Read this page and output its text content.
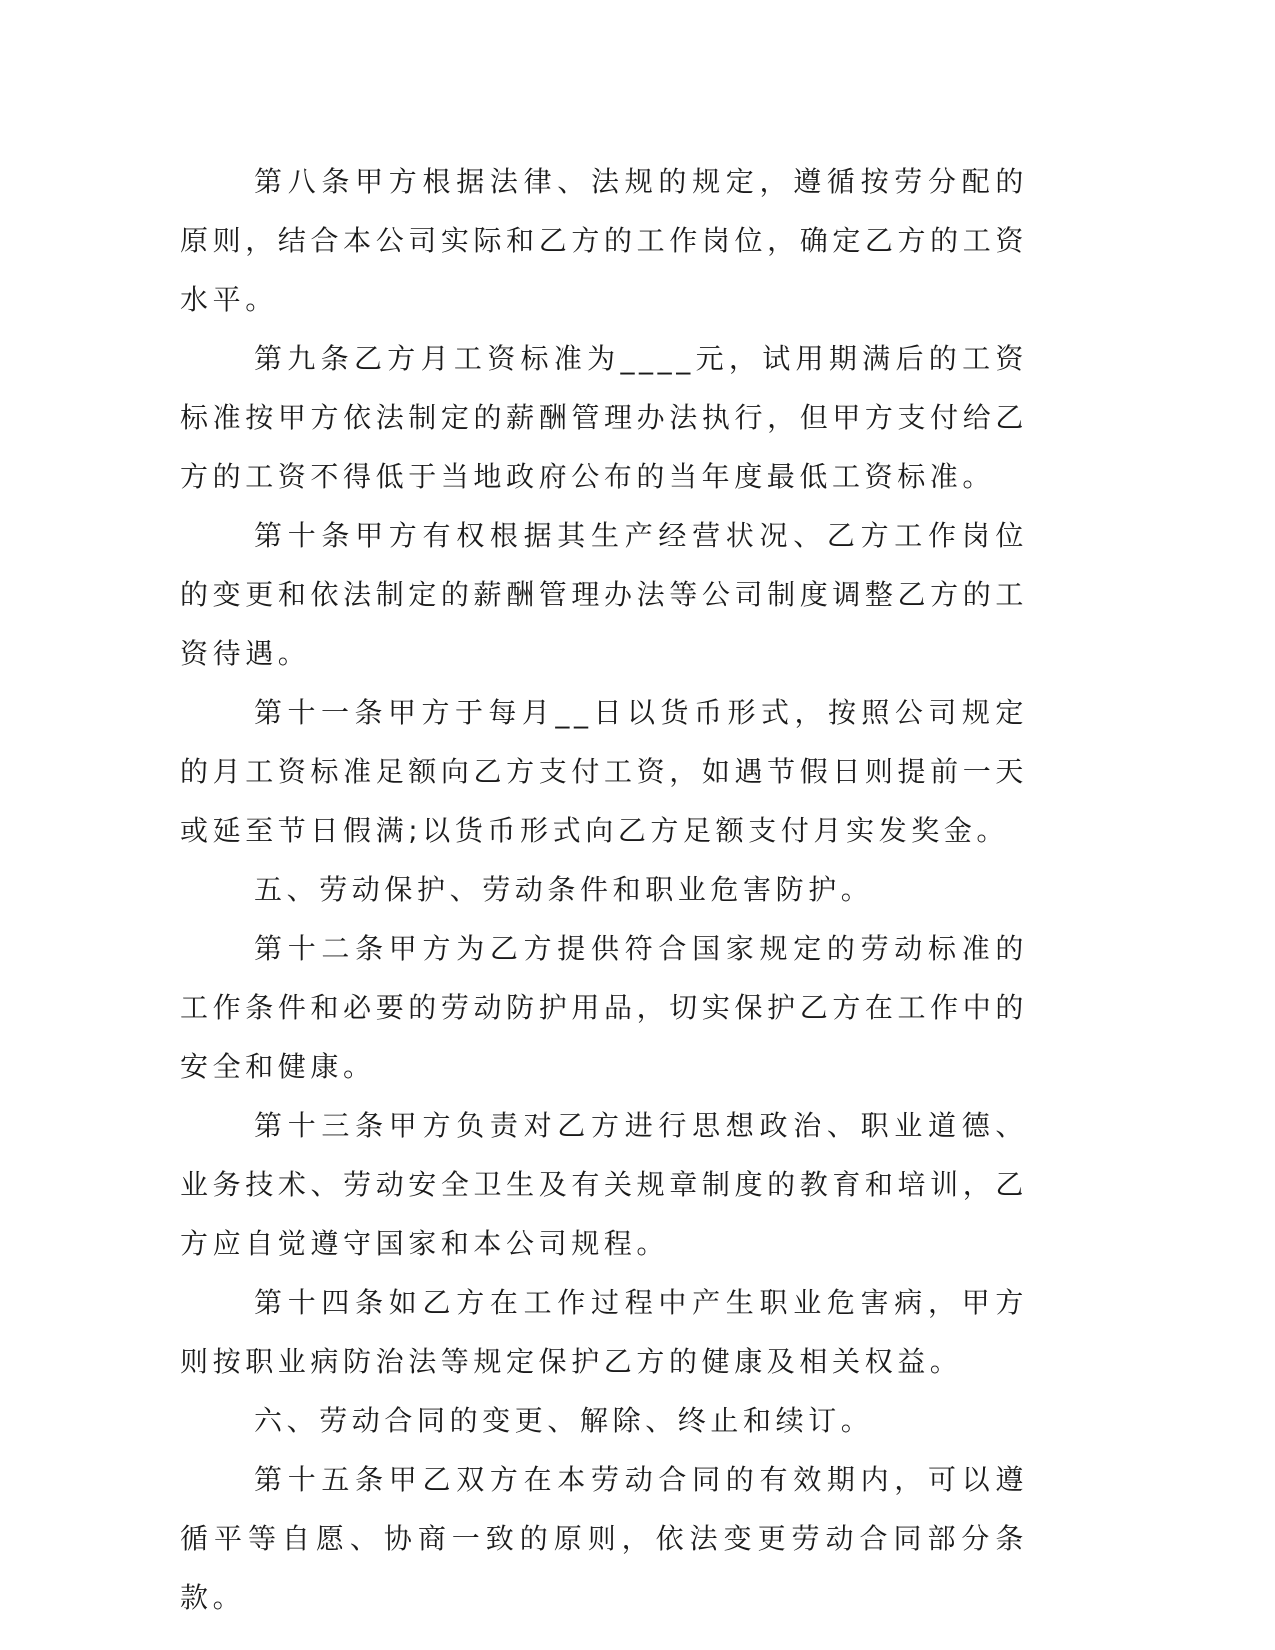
第八条甲方根据法律、法规的规定，遵循按劳分配的原则，结合本公司实际和乙方的工作岗位，确定乙方的工资水平。

第九条乙方月工资标准为____元，试用期满后的工资标准按甲方依法制定的薪酬管理办法执行，但甲方支付给乙方的工资不得低于当地政府公布的当年度最低工资标准。

第十条甲方有权根据其生产经营状况、乙方工作岗位的变更和依法制定的薪酬管理办法等公司制度调整乙方的工资待遇。

第十一条甲方于每月__日以货币形式，按照公司规定的月工资标准足额向乙方支付工资，如遇节假日则提前一天或延至节日假满;以货币形式向乙方足额支付月实发奖金。

五、劳动保护、劳动条件和职业危害防护。

第十二条甲方为乙方提供符合国家规定的劳动标准的工作条件和必要的劳动防护用品，切实保护乙方在工作中的安全和健康。

第十三条甲方负责对乙方进行思想政治、职业道德、业务技术、劳动安全卫生及有关规章制度的教育和培训，乙方应自觉遵守国家和本公司规程。

第十四条如乙方在工作过程中产生职业危害病，甲方则按职业病防治法等规定保护乙方的健康及相关权益。

六、劳动合同的变更、解除、终止和续订。

第十五条甲乙双方在本劳动合同的有效期内，可以遵循平等自愿、协商一致的原则，依法变更劳动合同部分条款。
